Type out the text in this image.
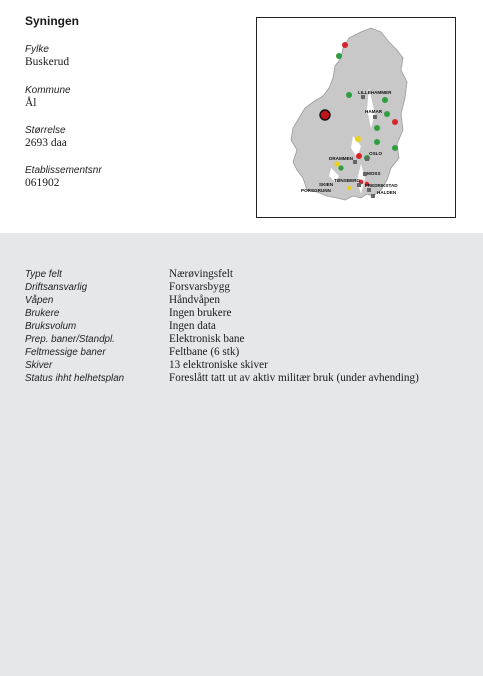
Syningen
Fylke
Buskerud
Kommune
Ål
Størrelse
2693 daa
Etablissementsnr
061902
LILLEHAMMER
HAMAR
OSLO
DRAMMEN
MOSS
TØNSBERG
FREDRIKSTAD
SKIEN
PORSGRUNN	HALDEN
Type felt	Nærøvingsfelt
Driftsansvarlig	Forsvarsbygg
Våpen	Håndvåpen
Brukere	Ingen brukere
Bruksvolum	Ingen data
Prep. baner/Standpl.	Elektronisk bane
Feltmessige baner	Feltbane (6 stk)
Skiver	13 elektroniske skiver
Status ihht helhetsplan	Foreslått tatt ut av aktiv militær bruk (under avhending)
